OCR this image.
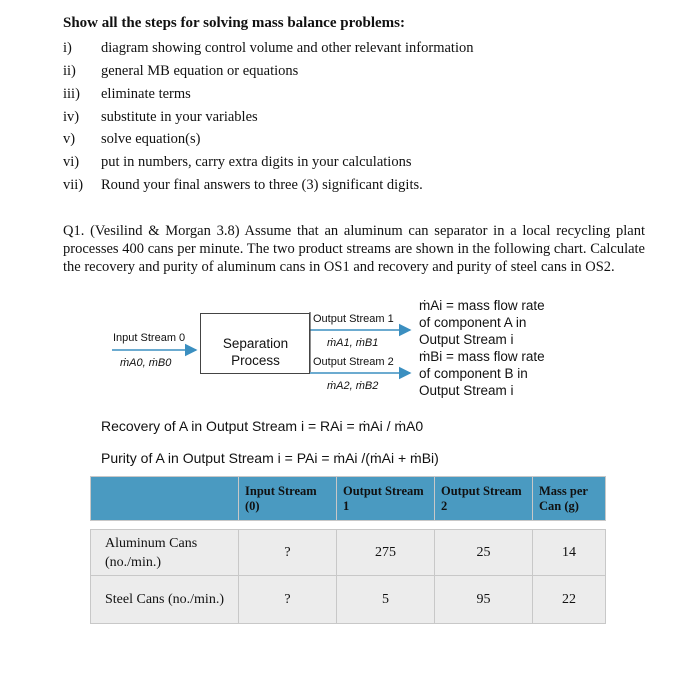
Show all the steps for solving mass balance problems:
i) diagram showing control volume and other relevant information
ii) general MB equation or equations
iii) eliminate terms
iv) substitute in your variables
v) solve equation(s)
vi) put in numbers, carry extra digits in your calculations
vii) Round your final answers to three (3) significant digits.
Q1. (Vesilind & Morgan 3.8) Assume that an aluminum can separator in a local recycling plant processes 400 cans per minute. The two product streams are shown in the following chart. Calculate the recovery and purity of aluminum cans in OS1 and recovery and purity of steel cans in OS2.
Input Stream 0
ṁA0, ṁB0
Separation
Process
Output Stream 1
ṁA1, ṁB1
Output Stream 2
ṁA2, ṁB2
ṁAi = mass flow rate
of component A in
Output Stream i
ṁBi = mass flow rate
of component B in
Output Stream i
Recovery of A in Output Stream i = RAi = ṁAi / ṁA0
Purity of A in Output Stream i = PAi = ṁAi /(ṁAi + ṁBi)
	Input Stream (0)	Output Stream 1	Output Stream 2	Mass per Can (g)

Aluminum Cans (no./min.)	?	275	25	14
Steel Cans (no./min.)	?	5	95	22
